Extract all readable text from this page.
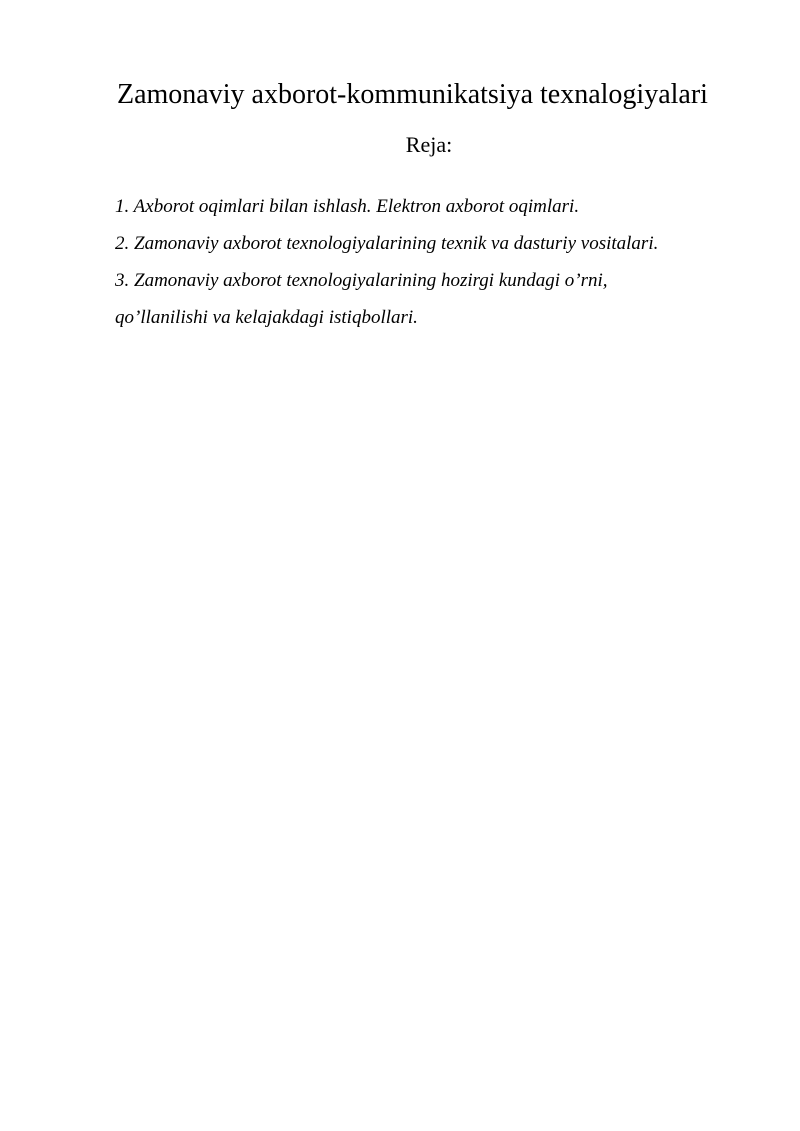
Zamonaviy axborot-kommunikatsiya texnalogiyalari
Reja:
1. Axborot oqimlari bilan ishlash. Elektron axborot oqimlari.
2. Zamonaviy axborot texnologiyalarining texnik va dasturiy vositalari.
3. Zamonaviy axborot texnologiyalarining hozirgi kundagi o’rni,
qo’llanilishi va kelajakdagi istiqbollari.
